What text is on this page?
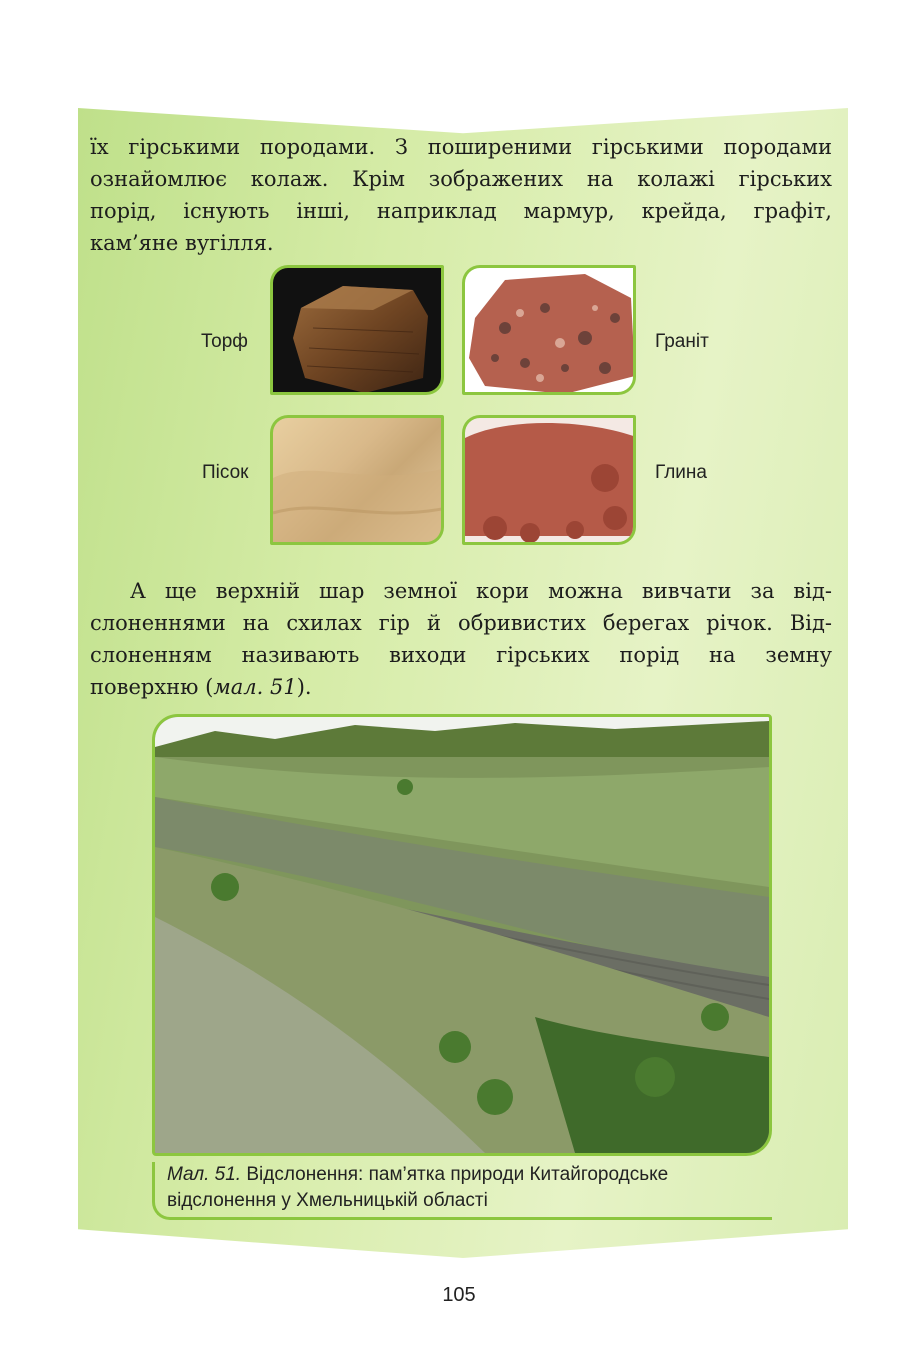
їх гірськими породами. З поширеними гірськими породами
ознайомлює колаж. Крім зображених на колажі гірських
порід, існують інші, наприклад мармур, крейда, графіт,
кам’яне вугілля.
Торф	Граніт
Пісок	Глина
А ще верхній шар земної кори можна вивчати за від-
слоненнями на схилах гір й обривистих берегах річок. Від-
слоненням називають виходи гірських порід на земну
поверхню (мал. 51).
Мал. 51. Відслонення: пам’ятка природи Китайгородське
відслонення у Хмельницькій області
105
